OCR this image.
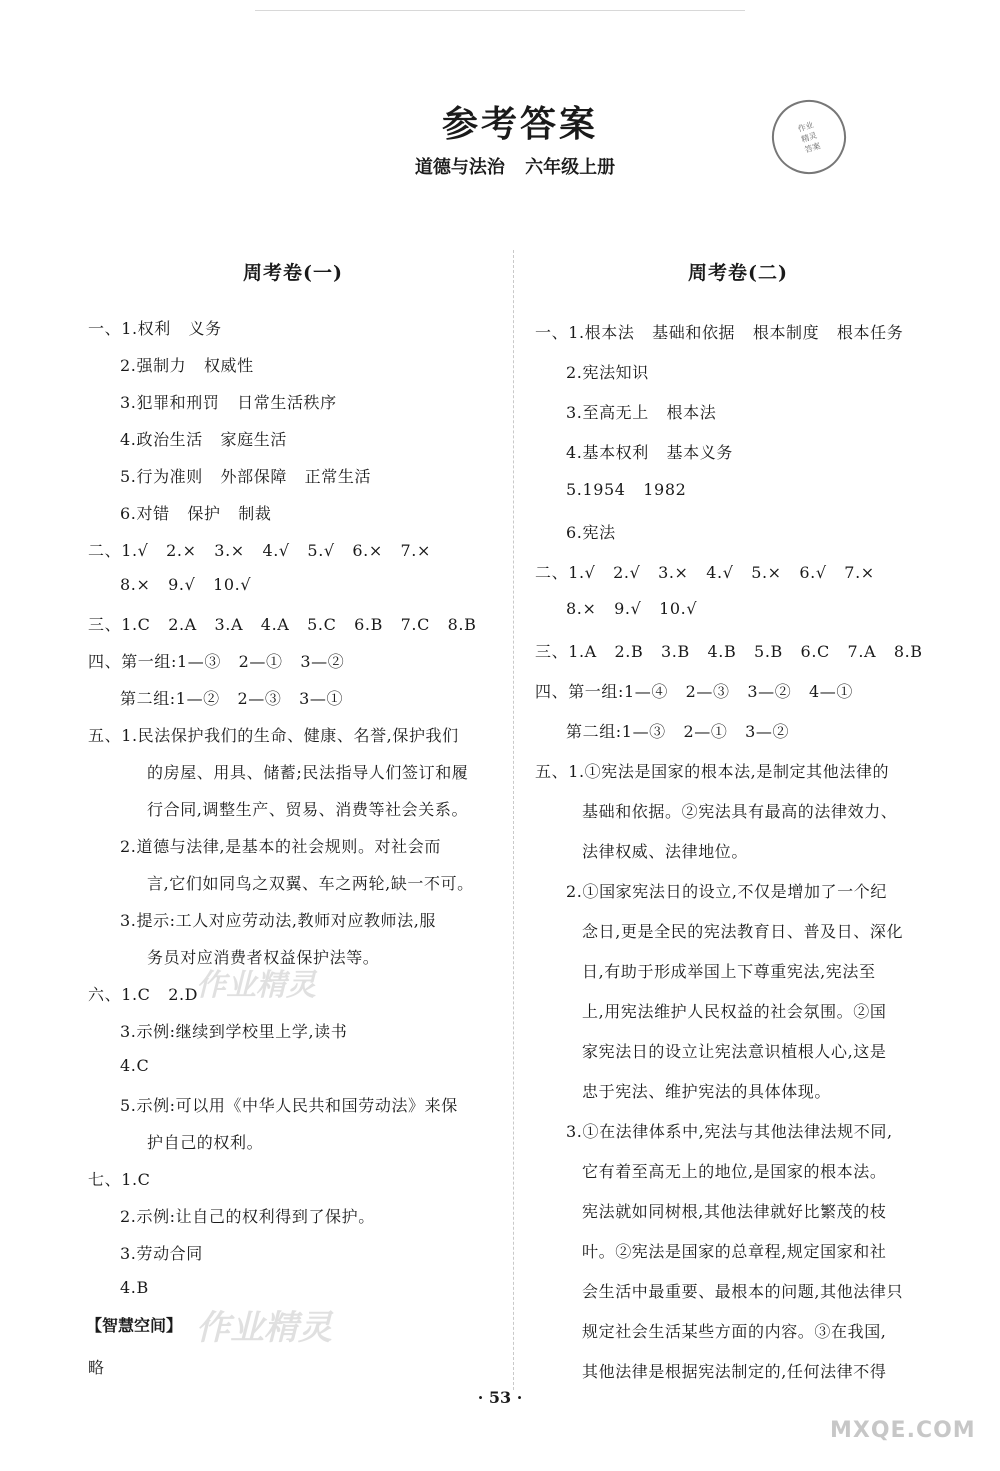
参考答案
道德与法治 六年级上册
作业
精灵
答案
周考卷(一)
一、1.权利 义务
2.强制力 权威性
3.犯罪和刑罚 日常生活秩序
4.政治生活 家庭生活
5.行为准则 外部保障 正常生活
6.对错 保护 制裁
二、1.√ 2.× 3.× 4.√ 5.√ 6.× 7.×
8.× 9.√ 10.√
三、1.C 2.A 3.A 4.A 5.C 6.B 7.C 8.B
四、第一组:1—③ 2—① 3—②
第二组:1—② 2—③ 3—①
五、1.民法保护我们的生命、健康、名誉,保护我们
的房屋、用具、储蓄;民法指导人们签订和履
行合同,调整生产、贸易、消费等社会关系。
2.道德与法律,是基本的社会规则。对社会而
言,它们如同鸟之双翼、车之两轮,缺一不可。
3.提示:工人对应劳动法,教师对应教师法,服
务员对应消费者权益保护法等。
六、1.C 2.D
3.示例:继续到学校里上学,读书
4.C
5.示例:可以用《中华人民共和国劳动法》来保
护自己的权利。
七、1.C
2.示例:让自己的权利得到了保护。
3.劳动合同
4.B
【智慧空间】
略
周考卷(二)
一、1.根本法 基础和依据 根本制度 根本任务
2.宪法知识
3.至高无上 根本法
4.基本权利 基本义务
5.1954 1982
6.宪法
二、1.√ 2.√ 3.× 4.√ 5.× 6.√ 7.×
8.× 9.√ 10.√
三、1.A 2.B 3.B 4.B 5.B 6.C 7.A 8.B
四、第一组:1—④ 2—③ 3—② 4—①
第二组:1—③ 2—① 3—②
五、1.①宪法是国家的根本法,是制定其他法律的
基础和依据。②宪法具有最高的法律效力、
法律权威、法律地位。
2.①国家宪法日的设立,不仅是增加了一个纪
念日,更是全民的宪法教育日、普及日、深化
日,有助于形成举国上下尊重宪法,宪法至
上,用宪法维护人民权益的社会氛围。②国
家宪法日的设立让宪法意识植根人心,这是
忠于宪法、维护宪法的具体体现。
3.①在法律体系中,宪法与其他法律法规不同,
它有着至高无上的地位,是国家的根本法。
宪法就如同树根,其他法律就好比繁茂的枝
叶。②宪法是国家的总章程,规定国家和社
会生活中最重要、最根本的问题,其他法律只
规定社会生活某些方面的内容。③在我国,
其他法律是根据宪法制定的,任何法律不得
· 53 ·
作业精灵
作业精灵
MXQE.COM
